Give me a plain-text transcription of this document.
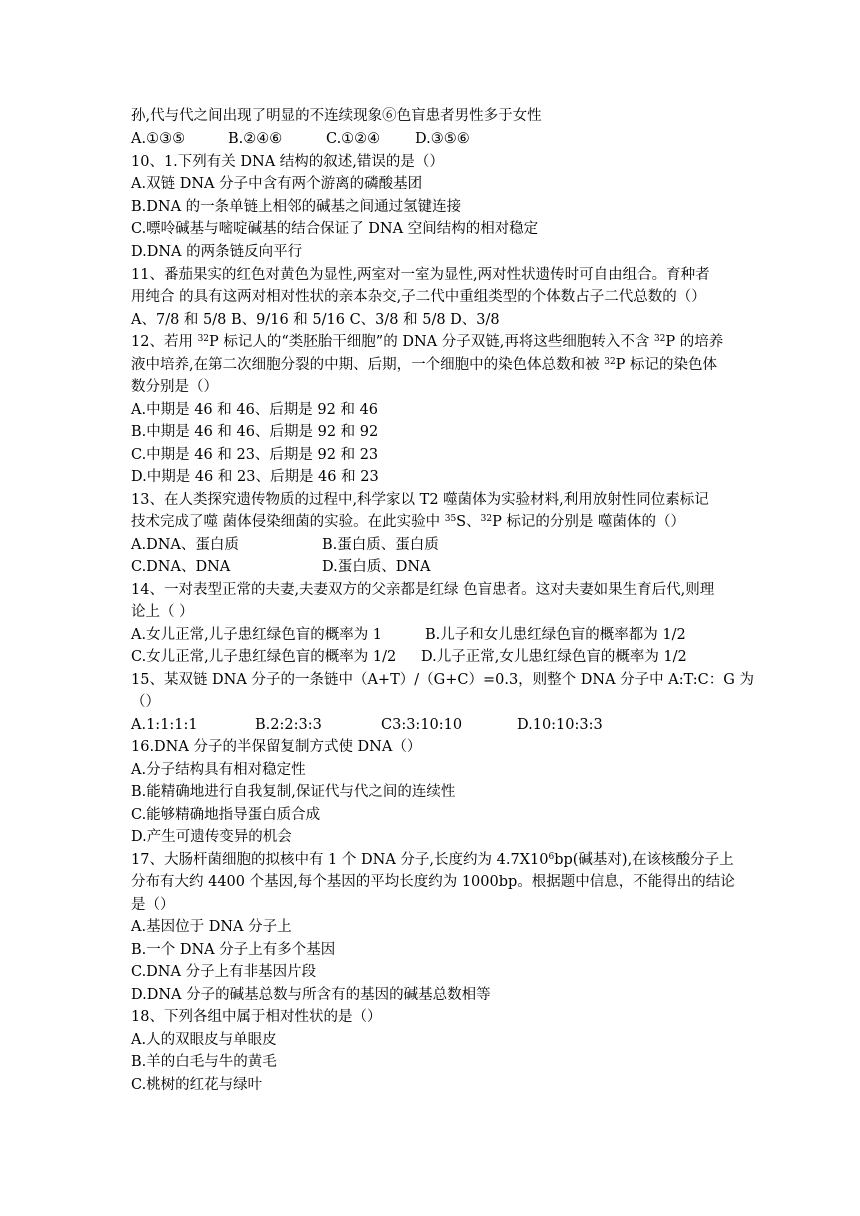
孙,代与代之间出现了明显的不连续现象⑥色盲患者男性多于女性
A.①③⑤	B.②④⑥	C.①②④ D.③⑤⑥
10、1.下列有关 DNA 结构的叙述,错误的是（）
A.双链 DNA 分子中含有两个游离的磷酸基团
B.DNA 的一条单链上相邻的碱基之间通过氢键连接
C.嘌呤碱基与嘧啶碱基的结合保证了 DNA 空间结构的相对稳定
D.DNA 的两条链反向平行
11、番茄果实的红色对黄色为显性,两室对一室为显性,两对性状遗传时可自由组合。育种者
用纯合 的具有这两对相对性状的亲本杂交,子二代中重组类型的个体数占子二代总数的（）
A、7/8 和 5/8 B、9/16 和 5/16 C、3/8 和 5/8 D、3/8
12、若用 $^{32}$P 标记人的“类胚胎干细胞”的 DNA 分子双链,再将这些细胞转入不含 $^{32}$P 的培养
液中培养,在第二次细胞分裂的中期、后期，一个细胞中的染色体总数和被 $^{32}$P 标记的染色体
数分别是（）
A.中期是 46 和 46、后期是 92 和 46
B.中期是 46 和 46、后期是 92 和 92
C.中期是 46 和 23、后期是 92 和 23
D.中期是 46 和 23、后期是 46 和 23
13、在人类探究遗传物质的过程中,科学家以 T2 噬菌体为实验材料,利用放射性同位素标记
技术完成了噬 菌体侵染细菌的实验。在此实验中 $^{35}$S、$^{32}$P 标记的分别是 噬菌体的（）
A.DNA、蛋白质	B.蛋白质、蛋白质
C.DNA、DNA	D.蛋白质、DNA
14、一对表型正常的夫妻,夫妻双方的父亲都是红绿 色盲患者。这对夫妻如果生育后代,则理
论上（ ）
A.女儿正常,儿子患红绿色盲的概率为 1	B.儿子和女儿患红绿色盲的概率都为 1/2
C.女儿正常,儿子患红绿色盲的概率为 1/2 D.儿子正常,女儿患红绿色盲的概率为 1/2
15、某双链 DNA 分子的一条链中（A+T）/（G+C）=0.3，则整个 DNA 分子中 A:T:C：G 为
（）
A.1:1:1:1	B.2:2:3:3	C3:3:10:10	D.10:10:3:3
16.DNA 分子的半保留复制方式使 DNA（）
A.分子结构具有相对稳定性
B.能精确地进行自我复制,保证代与代之间的连续性
C.能够精确地指导蛋白质合成
D.产生可遗传变异的机会
17、大肠杆菌细胞的拟核中有 1 个 DNA 分子,长度约为 $4.7X10^6bp$(碱基对),在该核酸分子上
分布有大约 4400 个基因,每个基因的平均长度约为 1000bp。根据题中信息，不能得出的结论
是（）
A.基因位于 DNA 分子上
B.一个 DNA 分子上有多个基因
C.DNA 分子上有非基因片段
D.DNA 分子的碱基总数与所含有的基因的碱基总数相等
18、下列各组中属于相对性状的是（）
A.人的双眼皮与单眼皮
B.羊的白毛与牛的黄毛
C.桃树的红花与绿叶
